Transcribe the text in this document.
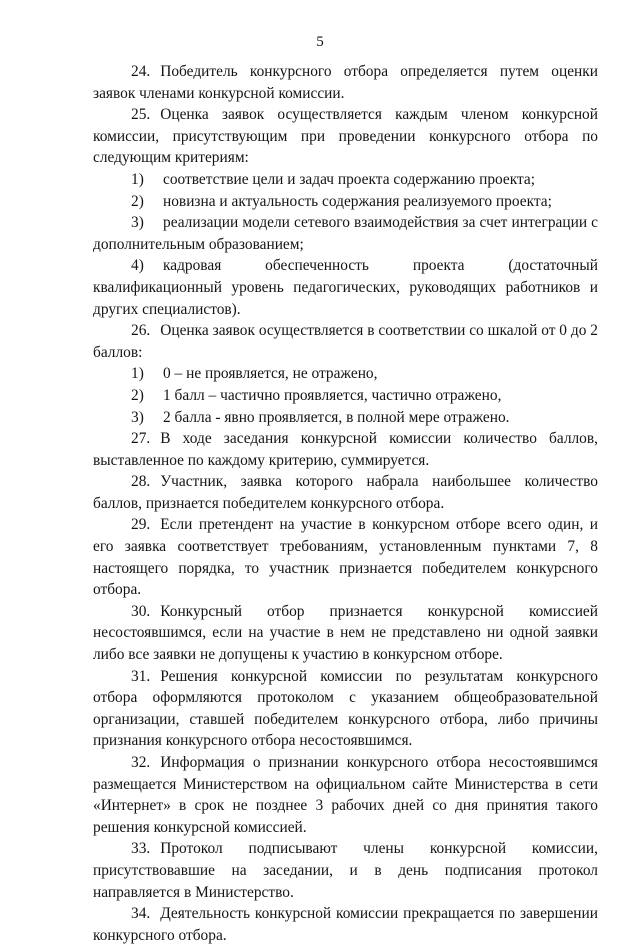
5

24. Победитель конкурсного отбора определяется путем оценки заявок членами конкурсной комиссии.

25. Оценка заявок осуществляется каждым членом конкурсной комиссии, присутствующим при проведении конкурсного отбора по следующим критериям:

1) соответствие цели и задач проекта содержанию проекта;

2) новизна и актуальность содержания реализуемого проекта;

3) реализации модели сетевого взаимодействия за счет интеграции с дополнительным образованием;

4) кадровая обеспеченность проекта (достаточный квалификационный уровень педагогических, руководящих работников и других специалистов).

26. Оценка заявок осуществляется в соответствии со шкалой от 0 до 2 баллов:

1) 0 – не проявляется, не отражено,

2) 1 балл – частично проявляется, частично отражено,

3) 2 балла - явно проявляется, в полной мере отражено.

27. В ходе заседания конкурсной комиссии количество баллов, выставленное по каждому критерию, суммируется.

28. Участник, заявка которого набрала наибольшее количество баллов, признается победителем конкурсного отбора.

29. Если претендент на участие в конкурсном отборе всего один, и его заявка соответствует требованиям, установленным пунктами 7, 8 настоящего порядка, то участник признается победителем конкурсного отбора.

30. Конкурсный отбор признается конкурсной комиссией несостоявшимся, если на участие в нем не представлено ни одной заявки либо все заявки не допущены к участию в конкурсном отборе.

31. Решения конкурсной комиссии по результатам конкурсного отбора оформляются протоколом с указанием общеобразовательной организации, ставшей победителем конкурсного отбора, либо причины признания конкурсного отбора несостоявшимся.

32. Информация о признании конкурсного отбора несостоявшимся размещается Министерством на официальном сайте Министерства в сети «Интернет» в срок не позднее 3 рабочих дней со дня принятия такого решения конкурсной комиссией.

33. Протокол подписывают члены конкурсной комиссии, присутствовавшие на заседании, и в день подписания протокол направляется в Министерство.

34. Деятельность конкурсной комиссии прекращается по завершении конкурсного отбора.
